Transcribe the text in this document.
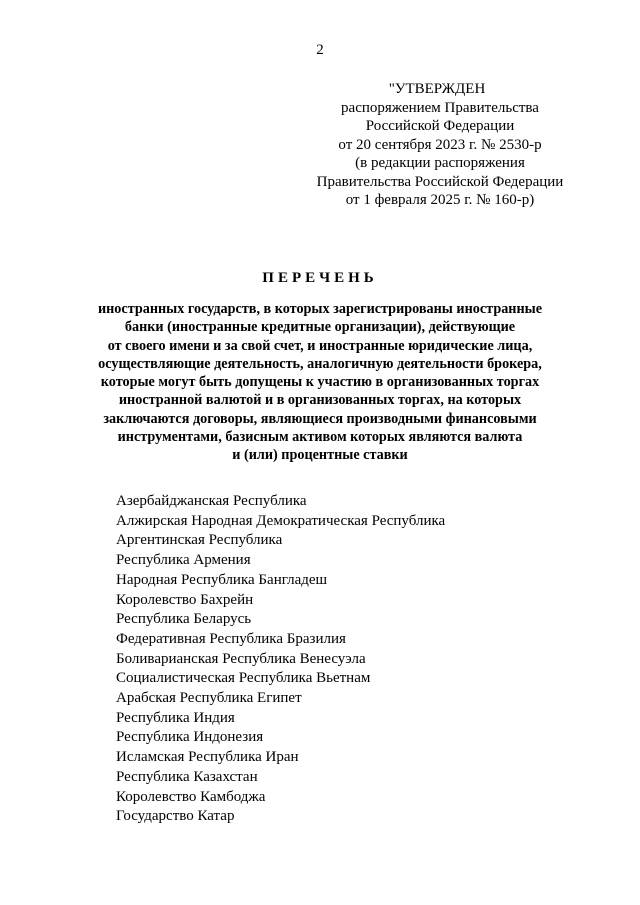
2
"УТВЕРЖДЕН
распоряжением Правительства
Российской Федерации
от 20 сентября 2023 г. № 2530-р
(в редакции распоряжения
Правительства Российской Федерации
от 1 февраля 2025 г. № 160-р)
ПЕРЕЧЕНЬ
иностранных государств, в которых зарегистрированы иностранные
банки (иностранные кредитные организации), действующие
от своего имени и за свой счет, и иностранные юридические лица,
осуществляющие деятельность, аналогичную деятельности брокера,
которые могут быть допущены к участию в организованных торгах
иностранной валютой и в организованных торгах, на которых
заключаются договоры, являющиеся производными финансовыми
инструментами, базисным активом которых являются валюта
и (или) процентные ставки
Азербайджанская Республика
Алжирская Народная Демократическая Республика
Аргентинская Республика
Республика Армения
Народная Республика Бангладеш
Королевство Бахрейн
Республика Беларусь
Федеративная Республика Бразилия
Боливарианская Республика Венесуэла
Социалистическая Республика Вьетнам
Арабская Республика Египет
Республика Индия
Республика Индонезия
Исламская Республика Иран
Республика Казахстан
Королевство Камбоджа
Государство Катар
